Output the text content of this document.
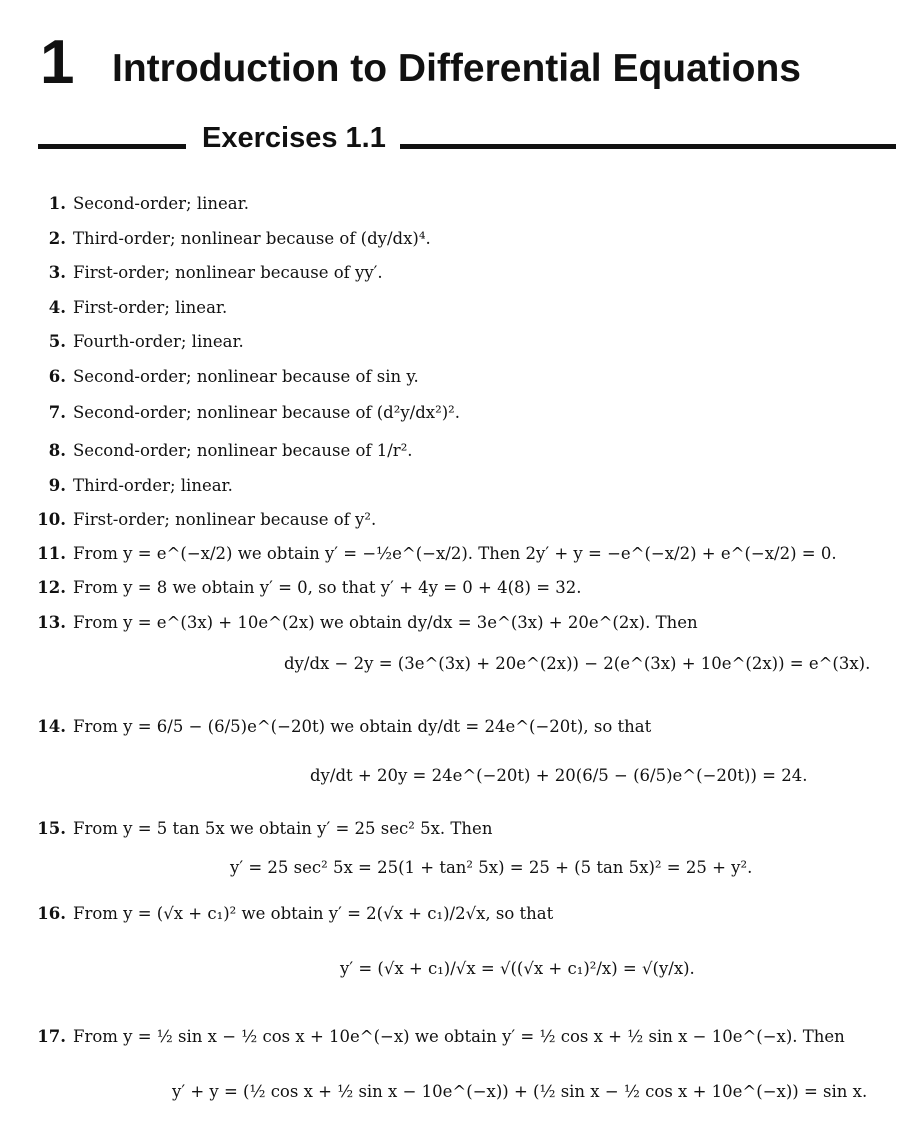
1 Introduction to Differential Equations
Exercises 1.1
1. Second-order; linear.
2. Third-order; nonlinear because of (dy/dx)⁴.
3. First-order; nonlinear because of yy′.
4. First-order; linear.
5. Fourth-order; linear.
6. Second-order; nonlinear because of sin y.
7. Second-order; nonlinear because of (d²y/dx²)².
8. Second-order; nonlinear because of 1/r².
9. Third-order; linear.
10. First-order; nonlinear because of y².
11. From y = e^(−x/2) we obtain y′ = −½e^(−x/2). Then 2y′ + y = −e^(−x/2) + e^(−x/2) = 0.
12. From y = 8 we obtain y′ = 0, so that y′ + 4y = 0 + 4(8) = 32.
13. From y = e^(3x) + 10e^(2x) we obtain dy/dx = 3e^(3x) + 20e^(2x). Then
14. From y = 6/5 − (6/5)e^(−20t) we obtain dy/dt = 24e^(−20t), so that
15. From y = 5 tan 5x we obtain y′ = 25 sec² 5x. Then
16. From y = (√x + c₁)² we obtain y′ = 2(√x + c₁)/2√x, so that
17. From y = ½ sin x − ½ cos x + 10e^(−x) we obtain y′ = ½ cos x + ½ sin x − 10e^(−x). Then
dy/dx − 2y = (3e^(3x) + 20e^(2x)) − 2(e^(3x) + 10e^(2x)) = e^(3x).
dy/dt + 20y = 24e^(−20t) + 20(6/5 − (6/5)e^(−20t)) = 24.
y′ = 25 sec² 5x = 25(1 + tan² 5x) = 25 + (5 tan 5x)² = 25 + y².
y′ = (√x + c₁)/√x = √((√x + c₁)²/x) = √(y/x).
y′ + y = (½ cos x + ½ sin x − 10e^(−x)) + (½ sin x − ½ cos x + 10e^(−x)) = sin x.
